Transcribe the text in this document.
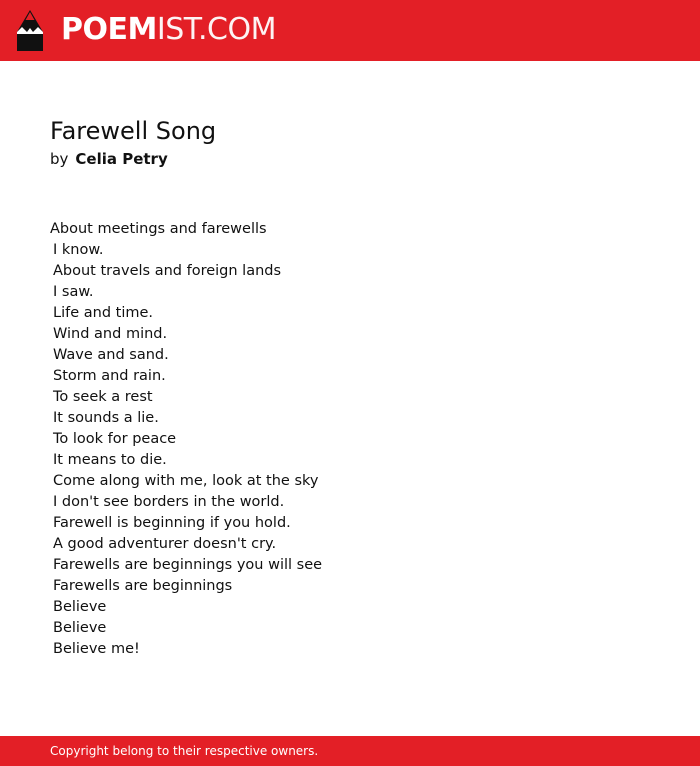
POEMIST.COM
Farewell Song
by Celia Petry
About meetings and farewells
I know.
About travels and foreign lands
I saw.
Life and time.
Wind and mind.
Wave and sand.
Storm and rain.
To seek a rest
It sounds a lie.
To look for peace
It means to die.
Come along with me, look at the sky
I don't see borders in the world.
Farewell is beginning if you hold.
A good adventurer doesn't cry.
Farewells are beginnings you will see
Farewells are beginnings
Believe
Believe
Believe me!
Copyright belong to their respective owners.
